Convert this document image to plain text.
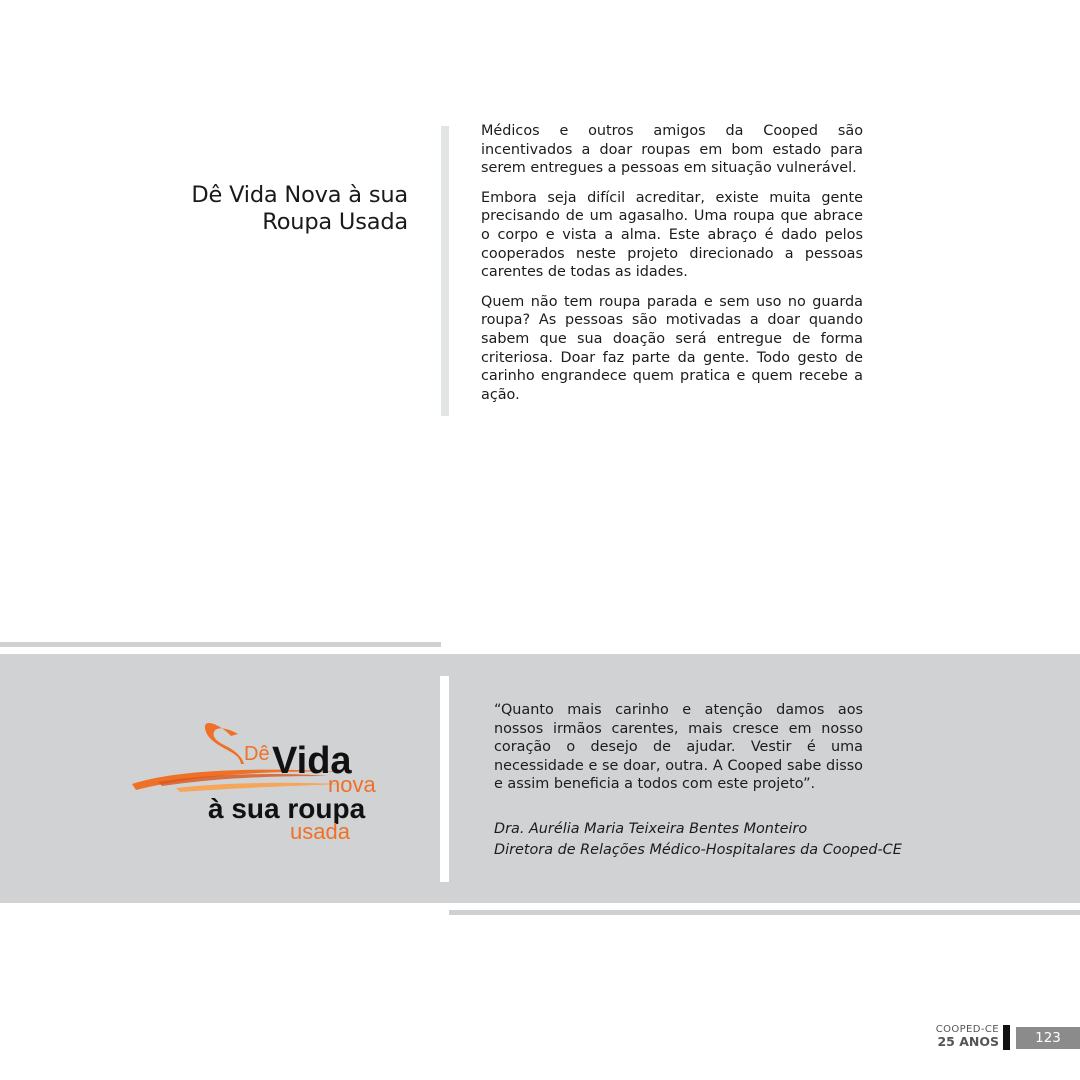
Dê Vida Nova à sua
Roupa Usada

Médicos e outros amigos da Cooped são incentivados a doar roupas em bom estado para serem entregues a pessoas em situação vulnerável.

Embora seja difícil acreditar, existe muita gente precisando de um agasalho. Uma roupa que abrace o corpo e vista a alma. Este abraço é dado pelos cooperados neste projeto direcionado a pessoas carentes de todas as idades.

Quem não tem roupa parada e sem uso no guarda roupa? As pessoas são motivadas a doar quando sabem que sua doação será entregue de forma criteriosa. Doar faz parte da gente. Todo gesto de carinho engrandece quem pratica e quem recebe a ação.

Dê Vida
nova
à sua roupa
usada
“Quanto mais carinho e atenção damos aos nossos irmãos carentes, mais cresce em nosso coração o desejo de ajudar. Vestir é uma necessidade e se doar, outra. A Cooped sabe disso e assim beneficia a todos com este projeto”.
Dra. Aurélia Maria Teixeira Bentes Monteiro
Diretora de Relações Médico-Hospitalares da Cooped-CE
COOPED-CE
25 ANOS	123
